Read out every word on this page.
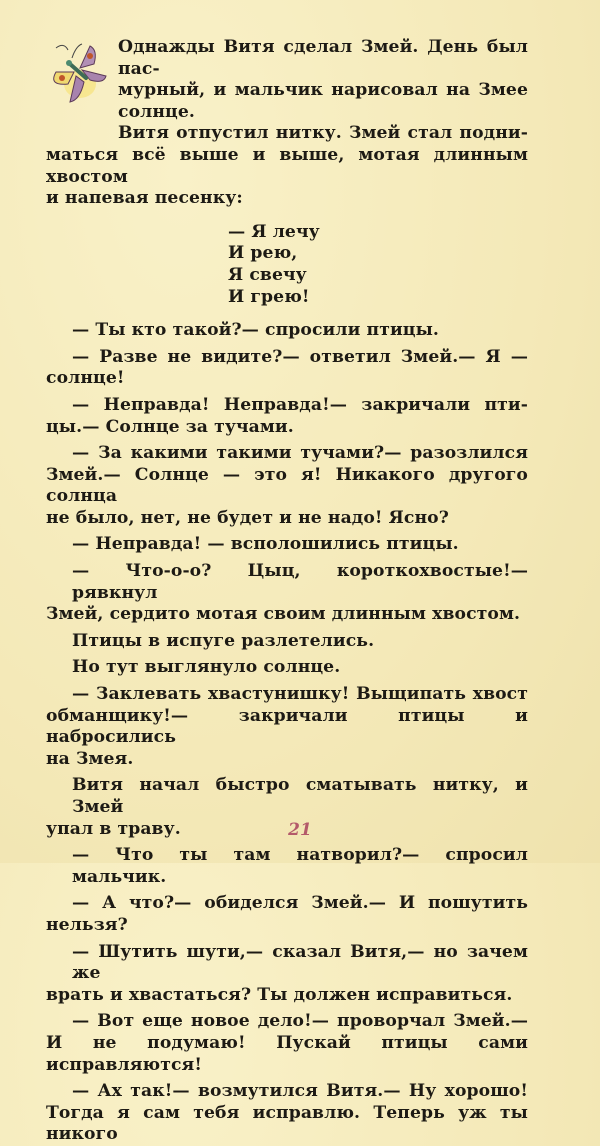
Однажды Витя сделал Змей. День был пас-
мурный, и мальчик нарисовал на Змее
солнце.

Витя отпустил нитку. Змей стал подни-
маться всё выше и выше, мотая длинным хвостом
и напевая песенку:

— Я лечу
И рею,
Я свечу
И грею!

— Ты кто такой?— спросили птицы.

— Разве не видите?— ответил Змей.— Я —
солнце!

— Неправда! Неправда!— закричали пти-
цы.— Солнце за тучами.

— За какими такими тучами?— разозлился
Змей.— Солнце — это я! Никакого другого солнца
не было, нет, не будет и не надо! Ясно?

— Неправда! — всполошились птицы.

— Что-о-о? Цыц, короткохвостые!— рявкнул
Змей, сердито мотая своим длинным хвостом.

Птицы в испуге разлетелись.

Но тут выглянуло солнце.

— Заклевать хвастунишку! Выщипать хвост
обманщику!— закричали птицы и набросились
на Змея.

Витя начал быстро сматывать нитку, и Змей
упал в траву.

— Что ты там натворил?— спросил мальчик.

— А что?— обиделся Змей.— И пошутить
нельзя?

— Шутить шути,— сказал Витя,— но зачем же
врать и хвастаться? Ты должен исправиться.

— Вот еще новое дело!— проворчал Змей.—
И не подумаю! Пускай птицы сами исправляются!

— Ах так!— возмутился Витя.— Ну хорошо!
Тогда я сам тебя исправлю. Теперь уж ты никого

21
